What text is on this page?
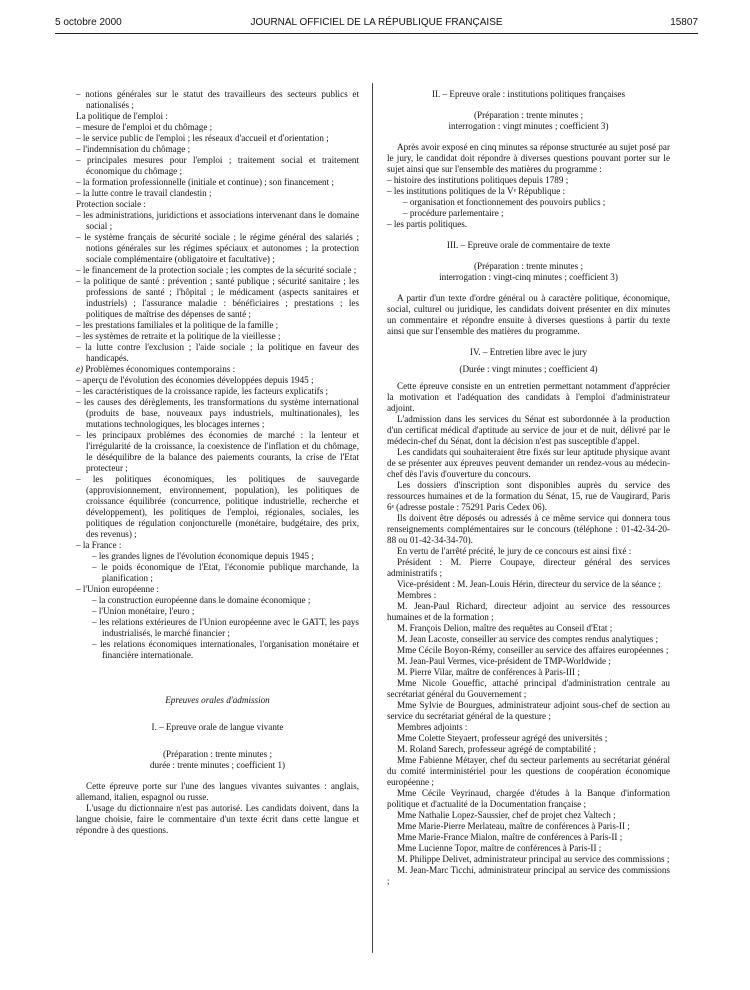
5 octobre 2000	JOURNAL OFFICIEL DE LA RÉPUBLIQUE FRANÇAISE	15807

– notions générales sur le statut des travailleurs des secteurs publics et nationalisés ;

La politique de l'emploi :

– mesure de l'emploi et du chômage ;

– le service public de l'emploi ; les réseaux d'accueil et d'orientation ;

– l'indemnisation du chômage ;

– principales mesures pour l'emploi ; traitement social et traitement économique du chômage ;

– la formation professionnelle (initiale et continue) ; son financement ;

– la lutte contre le travail clandestin ;

Protection sociale :

– les administrations, juridictions et associations intervenant dans le domaine social ;

– le système français de sécurité sociale ; le régime général des salariés ; notions générales sur les régimes spéciaux et autonomes ; la protection sociale complémentaire (obligatoire et facultative) ;

– le financement de la protection sociale ; les comptes de la sécurité sociale ;

– la politique de santé : prévention ; santé publique ; sécurité sanitaire ; les professions de santé ; l'hôpital ; le médicament (aspects sanitaires et industriels) ; l'assurance maladie : bénéficiaires ; prestations ; les politiques de maîtrise des dépenses de santé ;

– les prestations familiales et la politique de la famille ;

– les systèmes de retraite et la politique de la vieillesse ;

– la lutte contre l'exclusion ; l'aide sociale ; la politique en faveur des handicapés.

e) Problèmes économiques contemporains :

– aperçu de l'évolution des économies développées depuis 1945 ;

– les caractéristiques de la croissance rapide, les facteurs explicatifs ;

– les causes des dérèglements, les transformations du système international (produits de base, nouveaux pays industriels, multinationales), les mutations technologiques, les blocages internes ;

– les principaux problèmes des économies de marché : la lenteur et l'irrégularité de la croissance, la coexistence de l'inflation et du chômage, le déséquilibre de la balance des paiements courants, la crise de l'Etat protecteur ;

– les politiques économiques, les politiques de sauvegarde (approvisionnement, environnement, population), les politiques de croissance équilibrée (concurrence, politique industrielle, recherche et développement), les politiques de l'emploi, régionales, sociales, les politiques de régulation conjoncturelle (monétaire, budgétaire, des prix, des revenus) ;

– la France :

– les grandes lignes de l'évolution économique depuis 1945 ;

– le poids économique de l'Etat, l'économie publique marchande, la planification ;

– l'Union européenne :

– la construction européenne dans le domaine économique ;

– l'Union monétaire, l'euro ;

– les relations extérieures de l'Union européenne avec le GATT, les pays industrialisés, le marché financier ;

– les relations économiques internationales, l'organisation monétaire et financière internationale.

Epreuves orales d'admission

I. – Epreuve orale de langue vivante

(Préparation : trente minutes ;

durée : trente minutes ; coefficient 1)

Cette épreuve porte sur l'une des langues vivantes suivantes : anglais, allemand, italien, espagnol ou russe.

L'usage du dictionnaire n'est pas autorisé. Les candidats doivent, dans la langue choisie, faire le commentaire d'un texte écrit dans cette langue et répondre à des questions.

II. – Epreuve orale : institutions politiques françaises

(Préparation : trente minutes ;

interrogation : vingt minutes ; coefficient 3)

Après avoir exposé en cinq minutes sa réponse structurée au sujet posé par le jury, le candidat doit répondre à diverses questions pouvant porter sur le sujet ainsi que sur l'ensemble des matières du programme :

– histoire des institutions politiques depuis 1789 ;

– les institutions politiques de la Vᵉ République :

– organisation et fonctionnement des pouvoirs publics ;

– procédure parlementaire ;

– les partis politiques.

III. – Epreuve orale de commentaire de texte

(Préparation : trente minutes ;

interrogation : vingt-cinq minutes ; coefficient 3)

A partir d'un texte d'ordre général ou à caractère politique, économique, social, culturel ou juridique, les candidats doivent présenter en dix minutes un commentaire et répondre ensuite à diverses questions à partir du texte ainsi que sur l'ensemble des matières du programme.

IV. – Entretien libre avec le jury

(Durée : vingt minutes ; coefficient 4)

Cette épreuve consiste en un entretien permettant notamment d'apprécier la motivation et l'adéquation des candidats à l'emploi d'administrateur adjoint.

L'admission dans les services du Sénat est subordonnée à la production d'un certificat médical d'aptitude au service de jour et de nuit, délivré par le médecin-chef du Sénat, dont la décision n'est pas susceptible d'appel.

Les candidats qui souhaiteraient être fixés sur leur aptitude physique avant de se présenter aux épreuves peuvent demander un rendez-vous au médecin-chef dès l'avis d'ouverture du concours.

Les dossiers d'inscription sont disponibles auprès du service des ressources humaines et de la formation du Sénat, 15, rue de Vaugirard, Paris 6ᵉ (adresse postale : 75291 Paris Cedex 06).

Ils doivent être déposés ou adressés à ce même service qui donnera tous renseignements complémentaires sur le concours (téléphone : 01-42-34-20-88 ou 01-42-34-34-70).

En vertu de l'arrêté précité, le jury de ce concours est ainsi fixé :

Président : M. Pierre Coupaye, directeur général des services administratifs ;

Vice-président : M. Jean-Louis Hérin, directeur du service de la séance ;

Membres :

M. Jean-Paul Richard, directeur adjoint au service des ressources humaines et de la formation ;

M. François Delion, maître des requêtes au Conseil d'Etat ;

M. Jean Lacoste, conseiller au service des comptes rendus analytiques ;

Mme Cécile Boyon-Rémy, conseiller au service des affaires européennes ;

M. Jean-Paul Vermes, vice-président de TMP-Worldwide ;

M. Pierre Vilar, maître de conférences à Paris-III ;

Mme Nicole Goueffic, attaché principal d'administration centrale au secrétariat général du Gouvernement ;

Mme Sylvie de Bourgues, administrateur adjoint sous-chef de section au service du secrétariat général de la questure ;

Membres adjoints :

Mme Colette Steyaert, professeur agrégé des universités ;

M. Roland Sarech, professeur agrégé de comptabilité ;

Mme Fabienne Métayer, chef du secteur parlements au secrétariat général du comité interministériel pour les questions de coopération économique européenne ;

Mme Cécile Veyrinaud, chargée d'études à la Banque d'information politique et d'actualité de la Documentation française ;

Mme Nathalie Lopez-Saussier, chef de projet chez Valtech ;

Mme Marie-Pierre Merlateau, maître de conférences à Paris-II ;

Mme Marie-France Mialon, maître de conférences à Paris-II ;

Mme Lucienne Topor, maître de conférences à Paris-II ;

M. Philippe Delivet, administrateur principal au service des commissions ;

M. Jean-Marc Ticchi, administrateur principal au service des commissions ;
